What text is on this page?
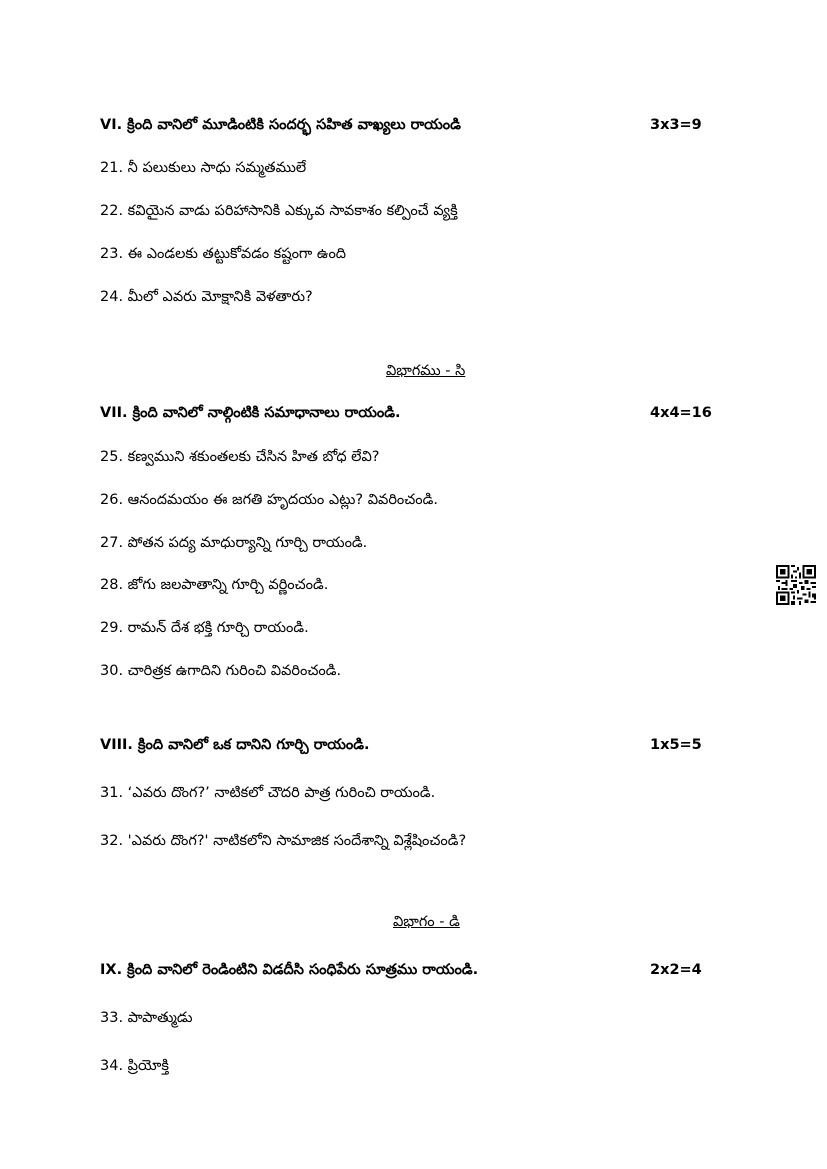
VI. క్రింది వానిలో మూడింటికి సందర్భ సహిత వాఖ్యలు రాయండి	3x3=9
21. నీ పలుకులు సాధు సమ్మతములే
22. కవియైన వాడు పరిహాసానికి ఎక్కువ సావకాశం కల్పించే వ్యక్తి
23. ఈ ఎండలకు తట్టుకోవడం కష్టంగా ఉంది
24. మీలో ఎవరు మోక్షానికి వెళతారు?
విభాగము - సి
VII. క్రింది వానిలో నాల్గింటికి సమాధానాలు రాయండి.	4x4=16
25. కణ్వముని శకుంతలకు చేసిన హిత బోధ లేవి?
26. ఆనందమయం ఈ జగతి హృదయం ఎట్లు? వివరించండి.
27. పోతన పద్య మాధుర్యాన్ని గూర్చి రాయండి.
28. జోగు జలపాతాన్ని గూర్చి వర్ణించండి.
29. రామన్ దేశ భక్తి గూర్చి రాయండి.
30. చారిత్రక ఉగాదిని గురించి వివరించండి.
VIII. క్రింది వానిలో ఒక దానిని గూర్చి రాయండి.	1x5=5
31. ‘ఎవరు దొంగ?’ నాటికలో చౌదరి పాత్ర గురించి రాయండి.
32. 'ఎవరు దొంగ?' నాటికలోని సామాజిక సందేశాన్ని విశ్లేషించండి?
విభాగం - డి
IX. క్రింది వానిలో రెండింటిని విడదీసి సంధిపేరు సూత్రము రాయండి.	2x2=4
33. పాపాత్ముడు
34. ప్రియోక్తి
